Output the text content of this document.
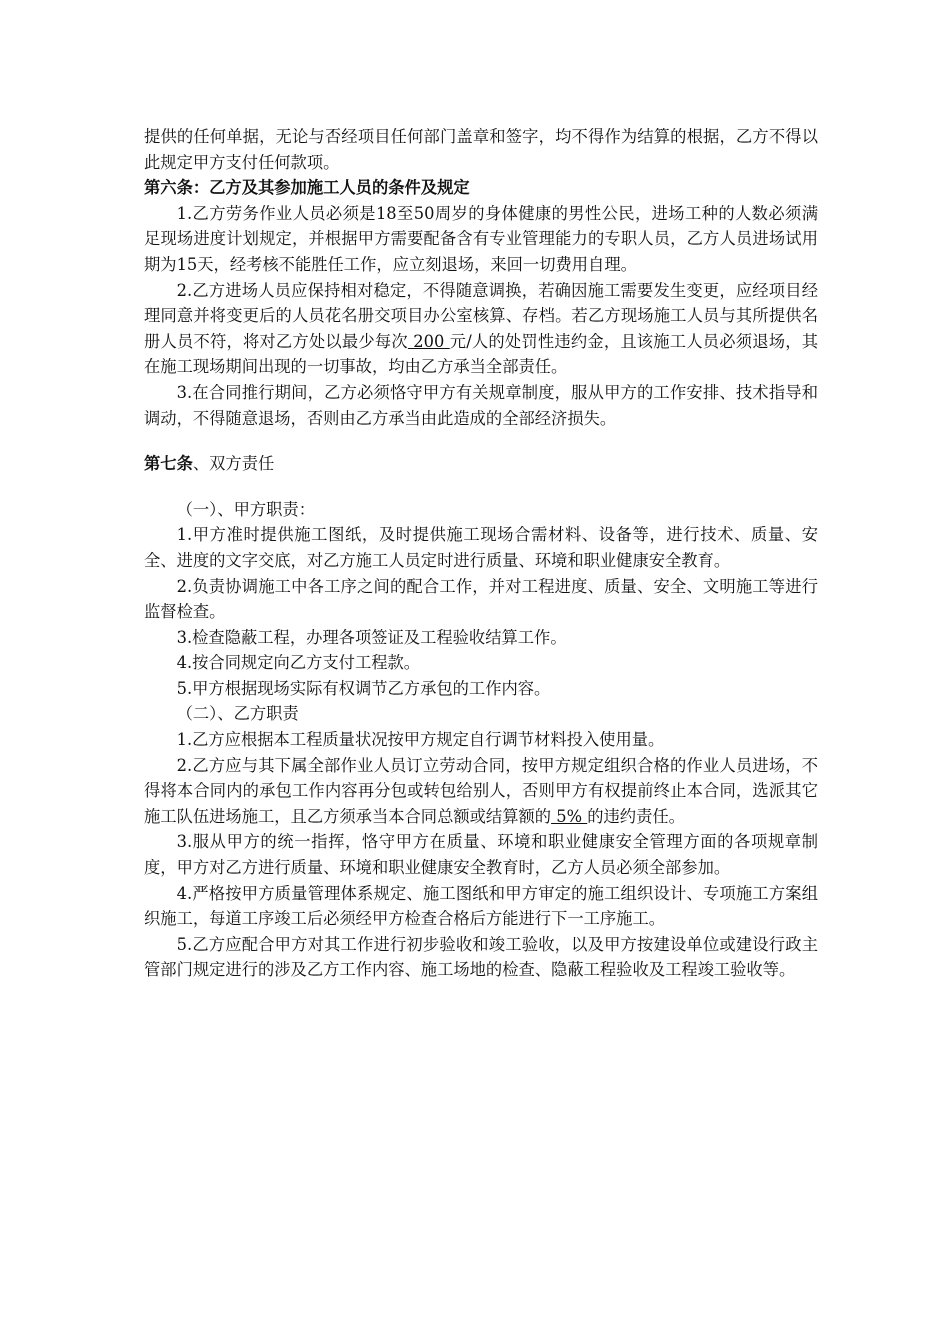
提供的任何单据，无论与否经项目任何部门盖章和签字，均不得作为结算的根据，乙方不得以此规定甲方支付任何款项。

第六条：乙方及其参加施工人员的条件及规定

1.乙方劳务作业人员必须是18至50周岁的身体健康的男性公民，进场工种的人数必须满足现场进度计划规定，并根据甲方需要配备含有专业管理能力的专职人员，乙方人员进场试用期为15天，经考核不能胜任工作，应立刻退场，来回一切费用自理。

2.乙方进场人员应保持相对稳定，不得随意调换，若确因施工需要发生变更，应经项目经理同意并将变更后的人员花名册交项目办公室核算、存档。若乙方现场施工人员与其所提供名册人员不符，将对乙方处以最少每次 200 元/人的处罚性违约金，且该施工人员必须退场，其在施工现场期间出现的一切事故，均由乙方承当全部责任。

3.在合同推行期间，乙方必须恪守甲方有关规章制度，服从甲方的工作安排、技术指导和调动，不得随意退场，否则由乙方承当由此造成的全部经济损失。

第七条、双方责任

（一）、甲方职责：

1.甲方准时提供施工图纸，及时提供施工现场合需材料、设备等，进行技术、质量、安全、进度的文字交底，对乙方施工人员定时进行质量、环境和职业健康安全教育。

2.负责协调施工中各工序之间的配合工作，并对工程进度、质量、安全、文明施工等进行监督检查。

3.检查隐蔽工程，办理各项签证及工程验收结算工作。

4.按合同规定向乙方支付工程款。

5.甲方根据现场实际有权调节乙方承包的工作内容。

（二）、乙方职责

1.乙方应根据本工程质量状况按甲方规定自行调节材料投入使用量。

2.乙方应与其下属全部作业人员订立劳动合同，按甲方规定组织合格的作业人员进场，不得将本合同内的承包工作内容再分包或转包给别人，否则甲方有权提前终止本合同，选派其它施工队伍进场施工，且乙方须承当本合同总额或结算额的 5% 的违约责任。

3.服从甲方的统一指挥，恪守甲方在质量、环境和职业健康安全管理方面的各项规章制度，甲方对乙方进行质量、环境和职业健康安全教育时，乙方人员必须全部参加。

4.严格按甲方质量管理体系规定、施工图纸和甲方审定的施工组织设计、专项施工方案组织施工，每道工序竣工后必须经甲方检查合格后方能进行下一工序施工。

5.乙方应配合甲方对其工作进行初步验收和竣工验收，以及甲方按建设单位或建设行政主管部门规定进行的涉及乙方工作内容、施工场地的检查、隐蔽工程验收及工程竣工验收等。
